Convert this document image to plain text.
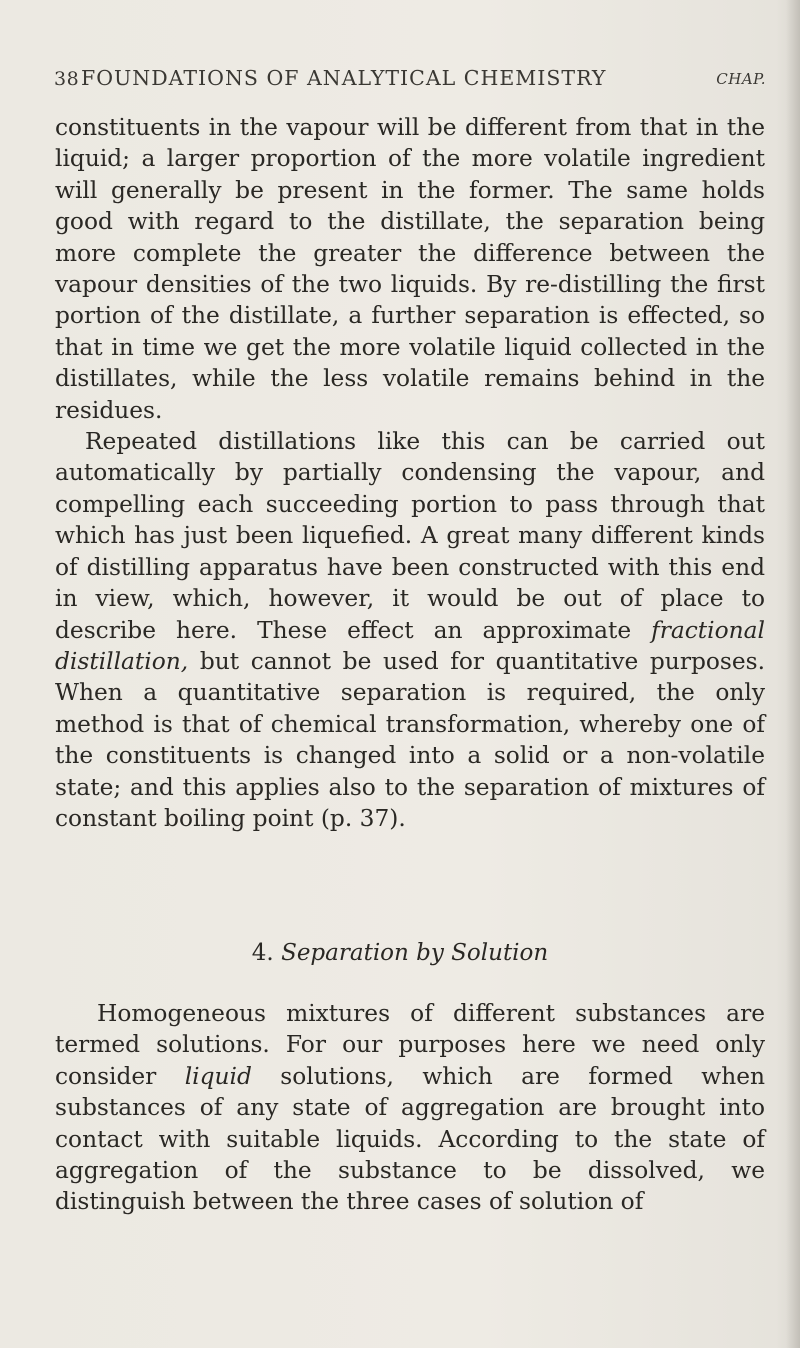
38 FOUNDATIONS OF ANALYTICAL CHEMISTRY	CHAP.

constituents in the vapour will be different from that in the liquid; a larger proportion of the more volatile ingredient will generally be present in the former. The same holds good with regard to the distillate, the separation being more complete the greater the difference between the vapour densities of the two liquids. By re-distilling the first portion of the distillate, a further separation is effected, so that in time we get the more volatile liquid collected in the distillates, while the less volatile remains behind in the residues.

Repeated distillations like this can be carried out automatically by partially condensing the vapour, and compelling each succeeding portion to pass through that which has just been liquefied. A great many different kinds of distilling apparatus have been constructed with this end in view, which, however, it would be out of place to describe here. These effect an approximate fractional distillation, but cannot be used for quantitative purposes. When a quantitative separation is required, the only method is that of chemical transformation, whereby one of the constituents is changed into a solid or a non-volatile state; and this applies also to the separation of mixtures of constant boiling point (p. 37).

4. Separation by Solution

Homogeneous mixtures of different substances are termed solutions. For our purposes here we need only consider liquid solutions, which are formed when substances of any state of aggregation are brought into contact with suitable liquids. According to the state of aggregation of the substance to be dissolved, we distinguish between the three cases of solution of
